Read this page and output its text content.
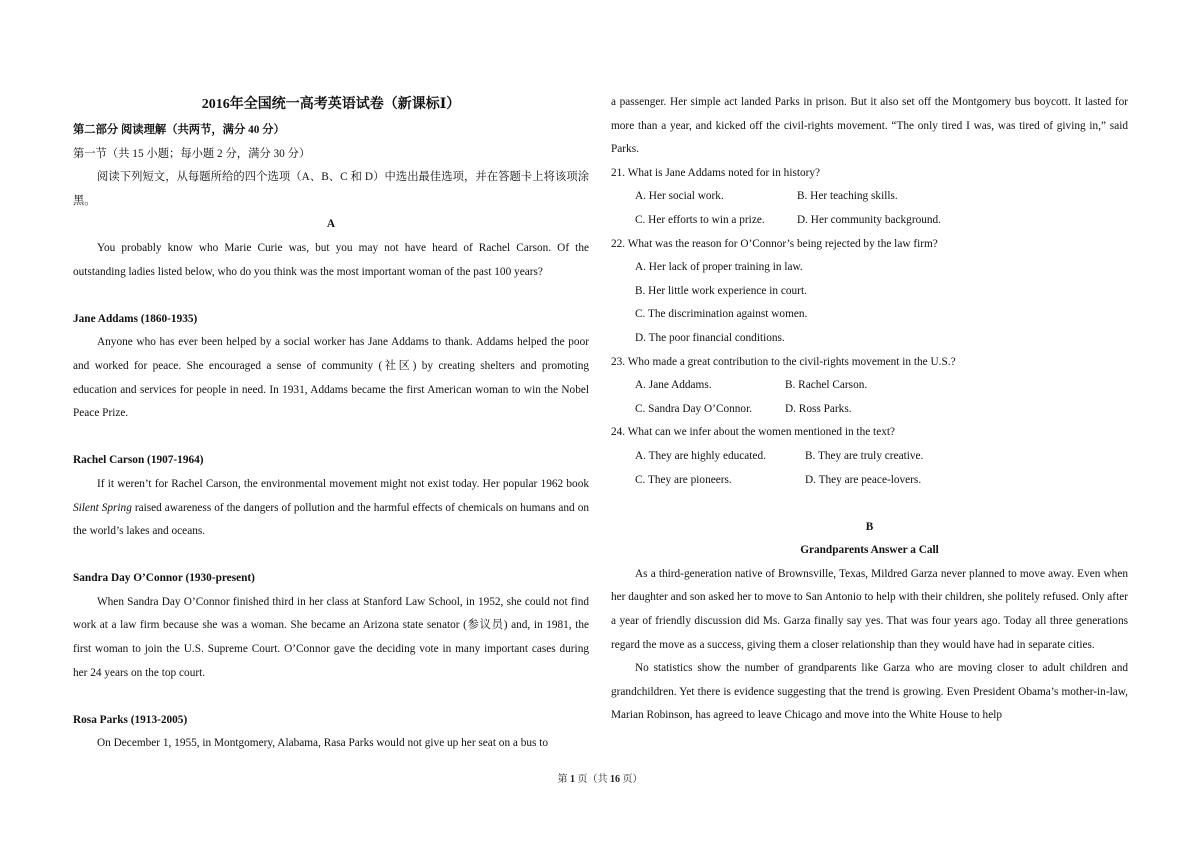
2016年全国统一高考英语试卷（新课标Ⅰ）

第二部分 阅读理解（共两节，满分 40 分）

第一节（共 15 小题；每小题 2 分，满分 30 分）

阅读下列短文，从每题所给的四个选项（A、B、C 和 D）中选出最佳选项，并在答题卡上将该项涂黑。

A

You probably know who Marie Curie was, but you may not have heard of Rachel Carson. Of the outstanding ladies listed below, who do you think was the most important woman of the past 100 years?

Jane Addams (1860-1935)

Anyone who has ever been helped by a social worker has Jane Addams to thank. Addams helped the poor and worked for peace. She encouraged a sense of community (社区) by creating shelters and promoting education and services for people in need. In 1931, Addams became the first American woman to win the Nobel Peace Prize.

Rachel Carson (1907-1964)

If it weren’t for Rachel Carson, the environmental movement might not exist today. Her popular 1962 book Silent Spring raised awareness of the dangers of pollution and the harmful effects of chemicals on humans and on the world’s lakes and oceans.

Sandra Day O’Connor (1930-present)

When Sandra Day O’Connor finished third in her class at Stanford Law School, in 1952, she could not find work at a law firm because she was a woman. She became an Arizona state senator (参议员) and, in 1981, the first woman to join the U.S. Supreme Court. O’Connor gave the deciding vote in many important cases during her 24 years on the top court.

Rosa Parks (1913-2005)

On December 1, 1955, in Montgomery, Alabama, Rasa Parks would not give up her seat on a bus to

a passenger. Her simple act landed Parks in prison. But it also set off the Montgomery bus boycott. It lasted for more than a year, and kicked off the civil-rights movement. “The only tired I was, was tired of giving in,” said Parks.

21. What is Jane Addams noted for in history?

A. Her social work.	B. Her teaching skills.
C. Her efforts to win a prize.	D. Her community background.

22. What was the reason for O’Connor’s being rejected by the law firm?

A. Her lack of proper training in law.

B. Her little work experience in court.

C. The discrimination against women.

D. The poor financial conditions.

23. Who made a great contribution to the civil-rights movement in the U.S.?

A. Jane Addams.	B. Rachel Carson.
C. Sandra Day O’Connor.	D. Ross Parks.

24. What can we infer about the women mentioned in the text?

A. They are highly educated.	B. They are truly creative.
C. They are pioneers.	D. They are peace-lovers.

B

Grandparents Answer a Call

As a third-generation native of Brownsville, Texas, Mildred Garza never planned to move away. Even when her daughter and son asked her to move to San Antonio to help with their children, she politely refused. Only after a year of friendly discussion did Ms. Garza finally say yes. That was four years ago. Today all three generations regard the move as a success, giving them a closer relationship than they would have had in separate cities.

No statistics show the number of grandparents like Garza who are moving closer to adult children and grandchildren. Yet there is evidence suggesting that the trend is growing. Even President Obama’s mother-in-law, Marian Robinson, has agreed to leave Chicago and move into the White House to help

第 1 页（共 16 页）
